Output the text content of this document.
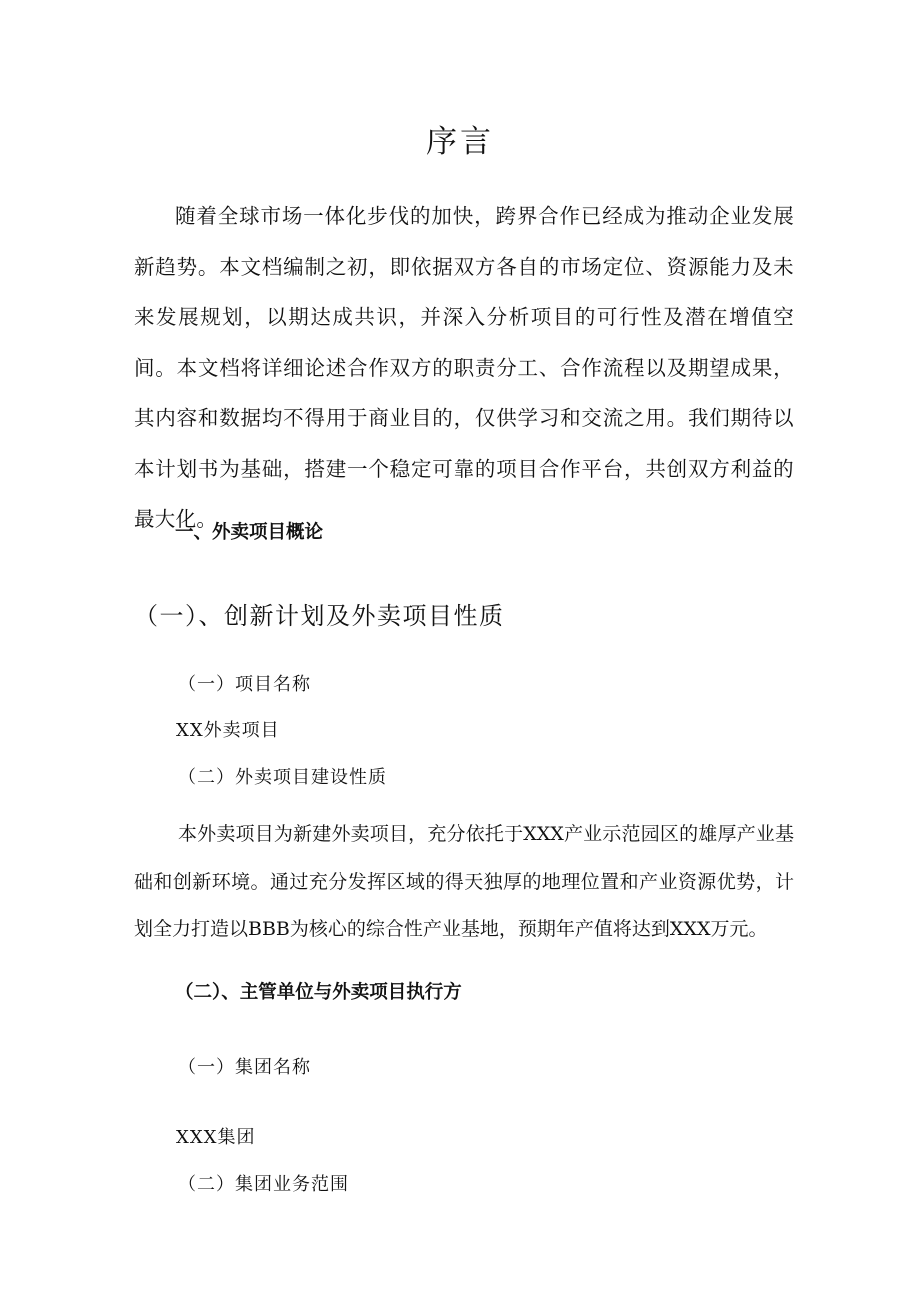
序言

随着全球市场一体化步伐的加快，跨界合作已经成为推动企业发展新趋势。本文档编制之初，即依据双方各自的市场定位、资源能力及未来发展规划，以期达成共识，并深入分析项目的可行性及潜在增值空间。本文档将详细论述合作双方的职责分工、合作流程以及期望成果，其内容和数据均不得用于商业目的，仅供学习和交流之用。我们期待以本计划书为基础，搭建一个稳定可靠的项目合作平台，共创双方利益的最大化。

一、外卖项目概论
（一）、创新计划及外卖项目性质
（一）项目名称
XX外卖项目
（二）外卖项目建设性质

本外卖项目为新建外卖项目，充分依托于XXX产业示范园区的雄厚产业基础和创新环境。通过充分发挥区域的得天独厚的地理位置和产业资源优势，计划全力打造以BBB为核心的综合性产业基地，预期年产值将达到XXX万元。

（二）、主管单位与外卖项目执行方
（一）集团名称
XXX集团
（二）集团业务范围
